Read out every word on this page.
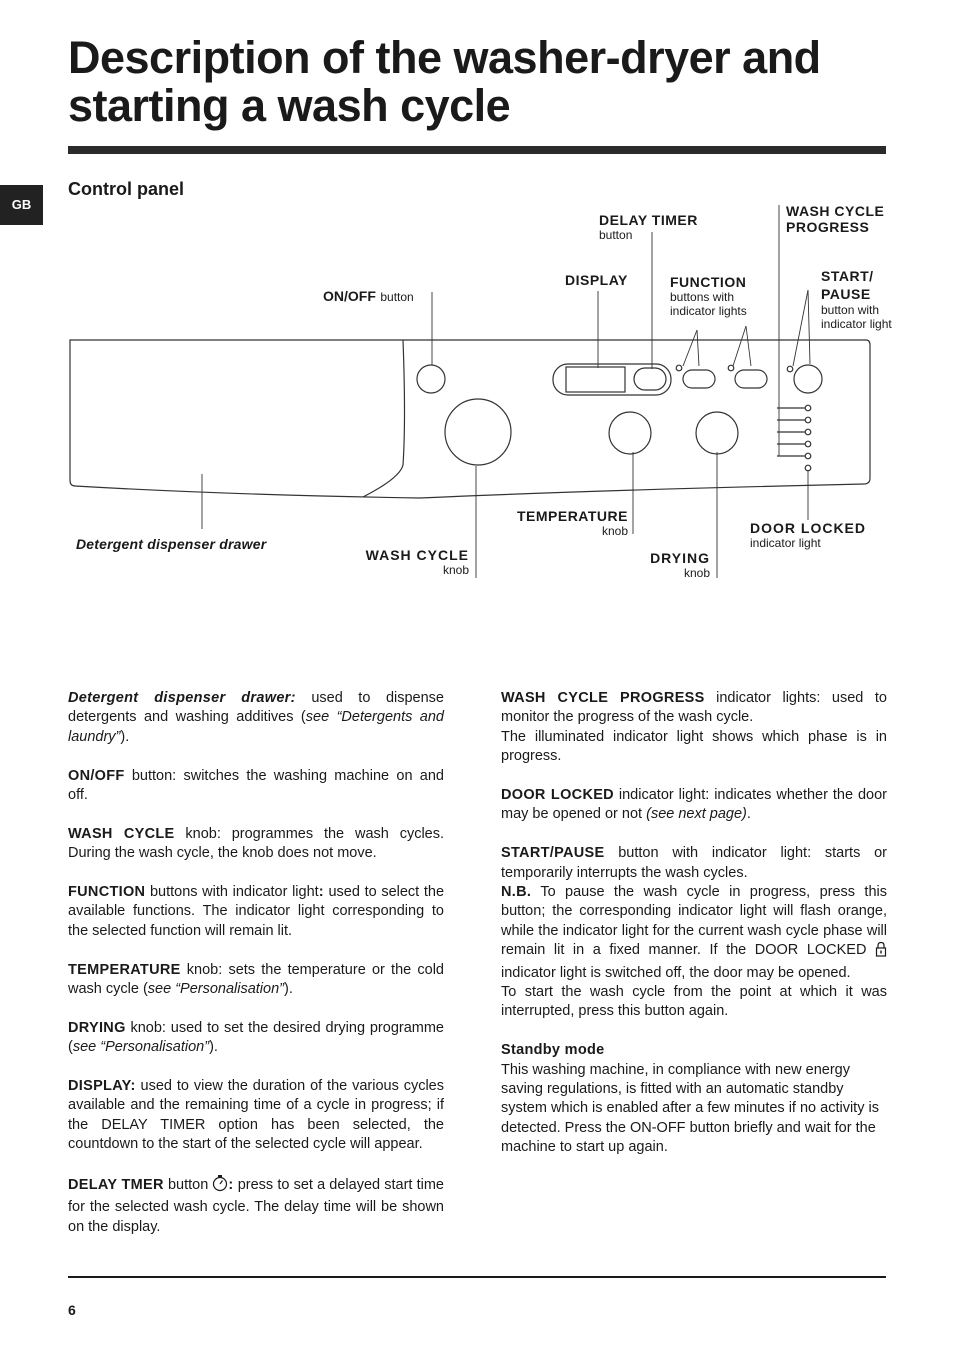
Description of the washer-dryer and starting a wash cycle
GB
Control panel
DELAY TIMER
button
WASH CYCLE PROGRESS
DISPLAY	FUNCTION
buttons with indicator lights
START/ PAUSE
button with indicator light
ON/OFF button
TEMPERATURE
knob	DOOR LOCKED
indicator light
Detergent dispenser drawer
WASH CYCLE
knob
DRYING
knob

Detergent dispenser drawer: used to dispense detergents and washing additives (see “Detergents and laundry”).

ON/OFF button: switches the washing machine on and off.

WASH CYCLE knob: programmes the wash cycles. During the wash cycle, the knob does not move.

FUNCTION buttons with indicator light: used to select the available functions. The indicator light corresponding to the selected function will remain lit.

TEMPERATURE knob: sets the temperature or the cold wash cycle (see “Personalisation”).

DRYING knob: used to set the desired drying programme (see “Personalisation”).

DISPLAY: used to view the duration of the various cycles available and the remaining time of a cycle in progress; if the DELAY TIMER option has been selected, the countdown to the start of the selected cycle will appear.

DELAY TMER button : press to set a delayed start time for the selected wash cycle. The delay time will be shown on the display.

WASH CYCLE PROGRESS indicator lights: used to monitor the progress of the wash cycle.
The illuminated indicator light shows which phase is in progress.

DOOR LOCKED indicator light: indicates whether the door may be opened or not (see next page).

START/PAUSE button with indicator light: starts or temporarily interrupts the wash cycles.
N.B. To pause the wash cycle in progress, press this button; the corresponding indicator light will flash orange, while the indicator light for the current wash cycle phase will remain lit in a fixed manner. If the DOOR LOCKED  indicator light is switched off, the door may be opened.
To start the wash cycle from the point at which it was interrupted, press this button again.

Standby mode

This washing machine, in compliance with new energy saving regulations, is fitted with an automatic standby system which is enabled after a few minutes if no activity is detected. Press the ON-OFF button briefly and wait for the machine to start up again.

6
